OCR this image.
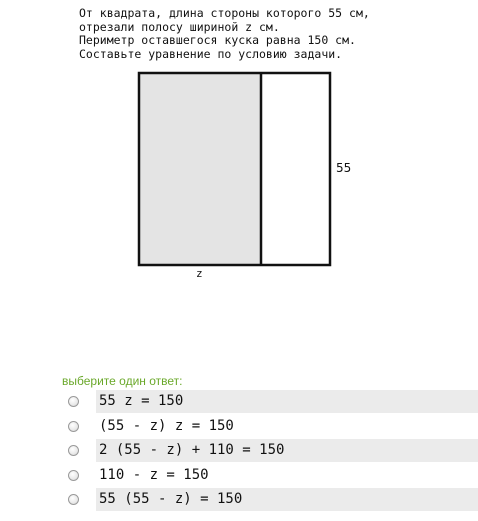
От квадрата, длина стороны которого 55 см,
отрезали полосу шириной z см.
Периметр оставшегося куска равна 150 см.
Составьте уравнение по условию задачи.
55
z
выберите один ответ:
55 z = 150
(55 - z) z = 150
2 (55 - z) + 110 = 150
110 - z = 150
55 (55 - z) = 150
